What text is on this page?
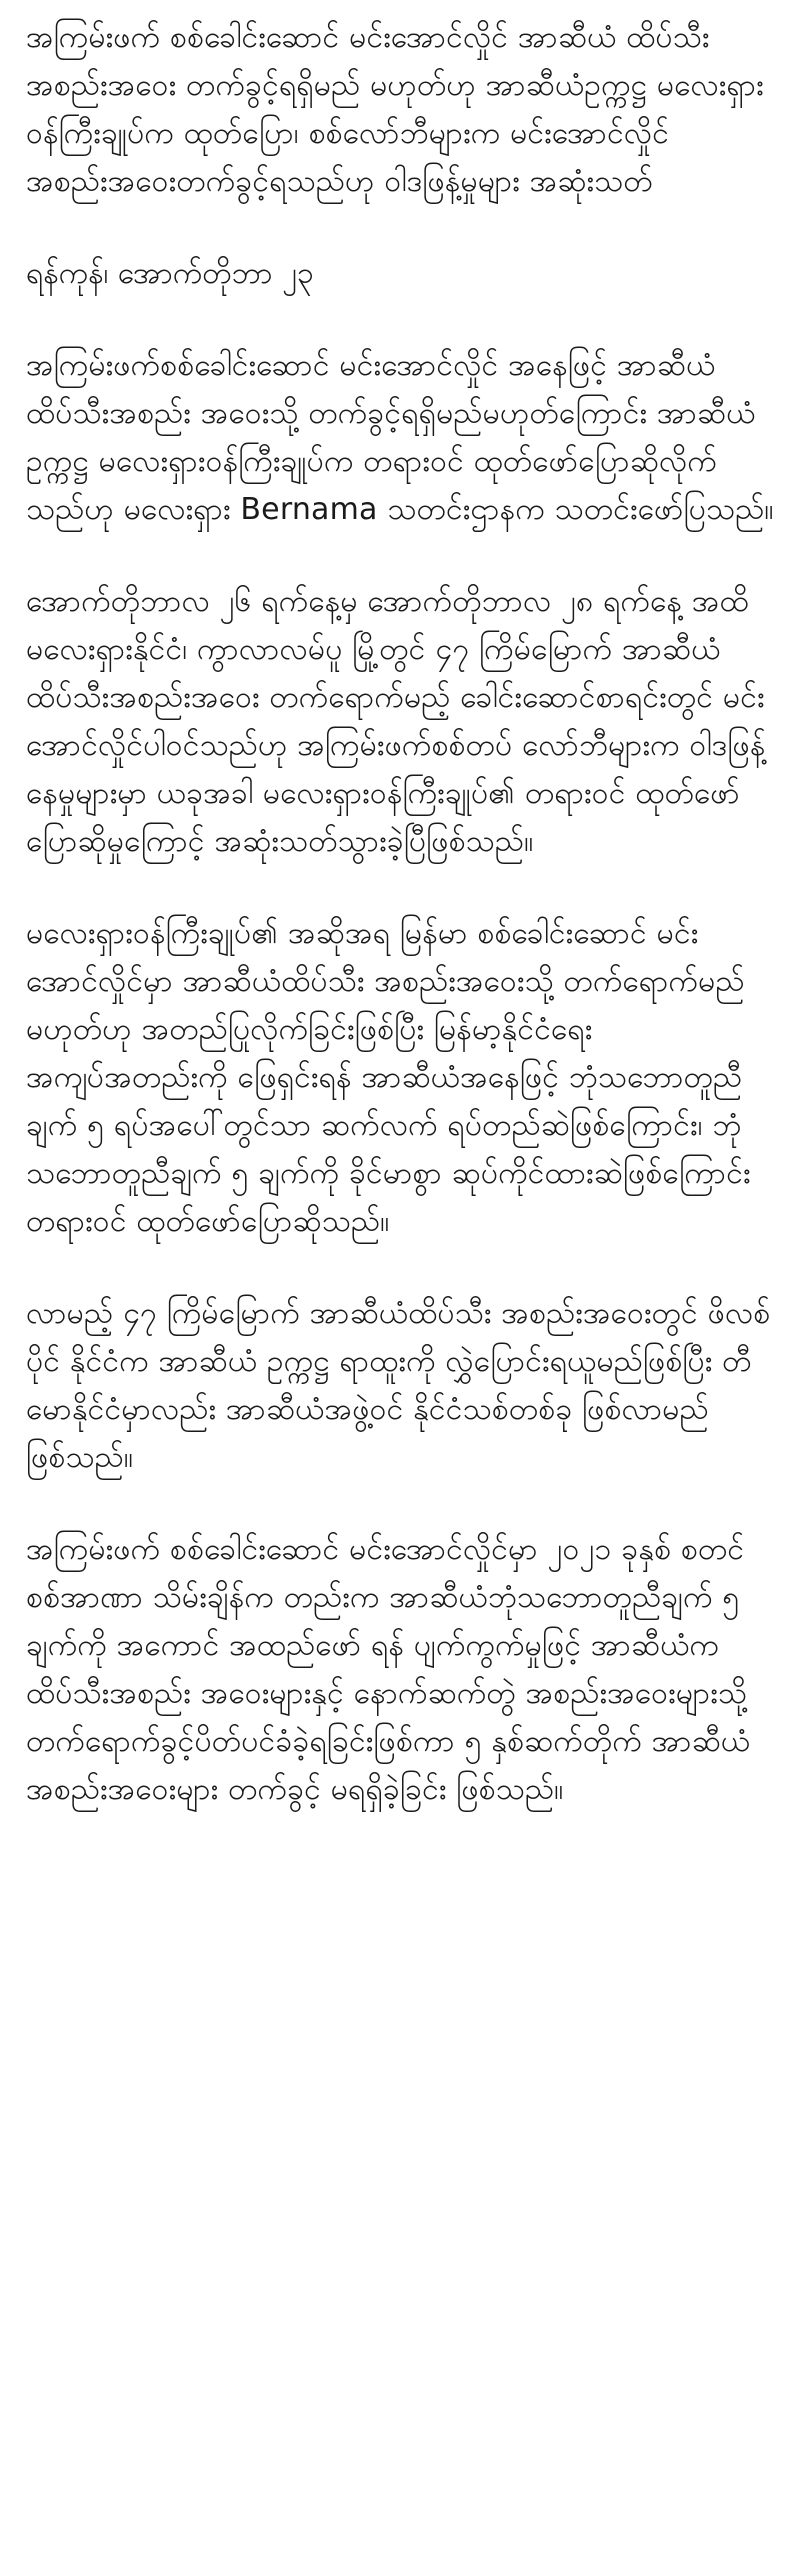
အကြမ်းဖက် စစ်ခေါင်းဆောင် မင်းအောင်လှိုင် အာဆီယံ ထိပ်သီးအစည်းအဝေး တက်ခွင့်ရရှိမည် မဟုတ်ဟု အာဆီယံဥက္ကဋ္ဌ မလေးရှားဝန်ကြီးချုပ်က ထုတ်ပြော၊ စစ်လော်ဘီများက မင်းအောင်လှိုင် အစည်းအဝေးတက်ခွင့်ရသည်ဟု ဝါဒဖြန့်မှုများ အဆုံးသတ်

ရန်ကုန်၊ အောက်တိုဘာ ၂၃

အကြမ်းဖက်စစ်ခေါင်းဆောင် မင်းအောင်လှိုင် အနေဖြင့် အာဆီယံ ထိပ်သီးအစည်း အဝေးသို့ တက်ခွင့်ရရှိမည်မဟုတ်ကြောင်း အာဆီယံဥက္ကဋ္ဌ မလေးရှားဝန်ကြီးချုပ်က တရားဝင် ထုတ်ဖော်ပြောဆိုလိုက်သည်ဟု မလေးရှား Bernama သတင်းဌာနက သတင်းဖော်ပြသည်။

အောက်တိုဘာလ ၂၆ ရက်နေ့မှ အောက်တိုဘာလ ၂၈ ရက်နေ့ အထိ မလေးရှားနိုင်ငံ၊ ကွာလာလမ်ပူ မြို့တွင် ၄၇ ကြိမ်မြောက် အာဆီယံ ထိပ်သီးအစည်းအဝေး တက်ရောက်မည့် ခေါင်းဆောင်စာရင်းတွင် မင်းအောင်လှိုင်ပါဝင်သည်ဟု အကြမ်းဖက်စစ်တပ် လော်ဘီများက ဝါဒဖြန့်နေမှုများမှာ ယခုအခါ မလေးရှားဝန်ကြီးချုပ်၏ တရားဝင် ထုတ်ဖော်ပြောဆိုမှုကြောင့် အဆုံးသတ်သွားခဲ့ပြီဖြစ်သည်။

မလေးရှားဝန်ကြီးချုပ်၏ အဆိုအရ မြန်မာ စစ်ခေါင်းဆောင် မင်းအောင်လှိုင်မှာ အာဆီယံထိပ်သီး အစည်းအဝေးသို့ တက်ရောက်မည် မဟုတ်ဟု အတည်ပြုလိုက်ခြင်းဖြစ်ပြီး မြန်မာ့နိုင်ငံရေး အကျပ်အတည်းကို ဖြေရှင်းရန် အာဆီယံအနေဖြင့် ဘုံသဘောတူညီချက် ၅ ရပ်အပေါ်တွင်သာ ဆက်လက် ရပ်တည်ဆဲဖြစ်ကြောင်း၊ ဘုံသဘောတူညီချက် ၅ ချက်ကို ခိုင်မာစွာ ဆုပ်ကိုင်ထားဆဲဖြစ်ကြောင်း တရားဝင် ထုတ်ဖော်ပြောဆိုသည်။

လာမည့် ၄၇ ကြိမ်မြောက် အာဆီယံထိပ်သီး အစည်းအဝေးတွင် ဖိလစ်ပိုင် နိုင်ငံက အာဆီယံ ဥက္ကဋ္ဌ ရာထူးကို လွှဲပြောင်းရယူမည်ဖြစ်ပြီး တီမောနိုင်ငံမှာလည်း အာဆီယံအဖွဲ့ဝင် နိုင်ငံသစ်တစ်ခု ဖြစ်လာမည်ဖြစ်သည်။

အကြမ်းဖက် စစ်ခေါင်းဆောင် မင်းအောင်လှိုင်မှာ ၂၀၂၁ ခုနှစ် စတင် စစ်အာဏာ သိမ်းချိန်က တည်းက အာဆီယံဘုံသဘောတူညီချက် ၅ ချက်ကို အကောင် အထည်ဖော် ရန် ပျက်ကွက်မှုဖြင့် အာဆီယံက ထိပ်သီးအစည်း အဝေးများနှင့် နောက်ဆက်တွဲ အစည်းအဝေးများသို့ တက်ရောက်ခွင့်ပိတ်ပင်ခံခဲ့ရခြင်းဖြစ်ကာ ၅ နှစ်ဆက်တိုက် အာဆီယံအစည်းအဝေးများ တက်ခွင့် မရရှိခဲ့ခြင်း ဖြစ်သည်။
